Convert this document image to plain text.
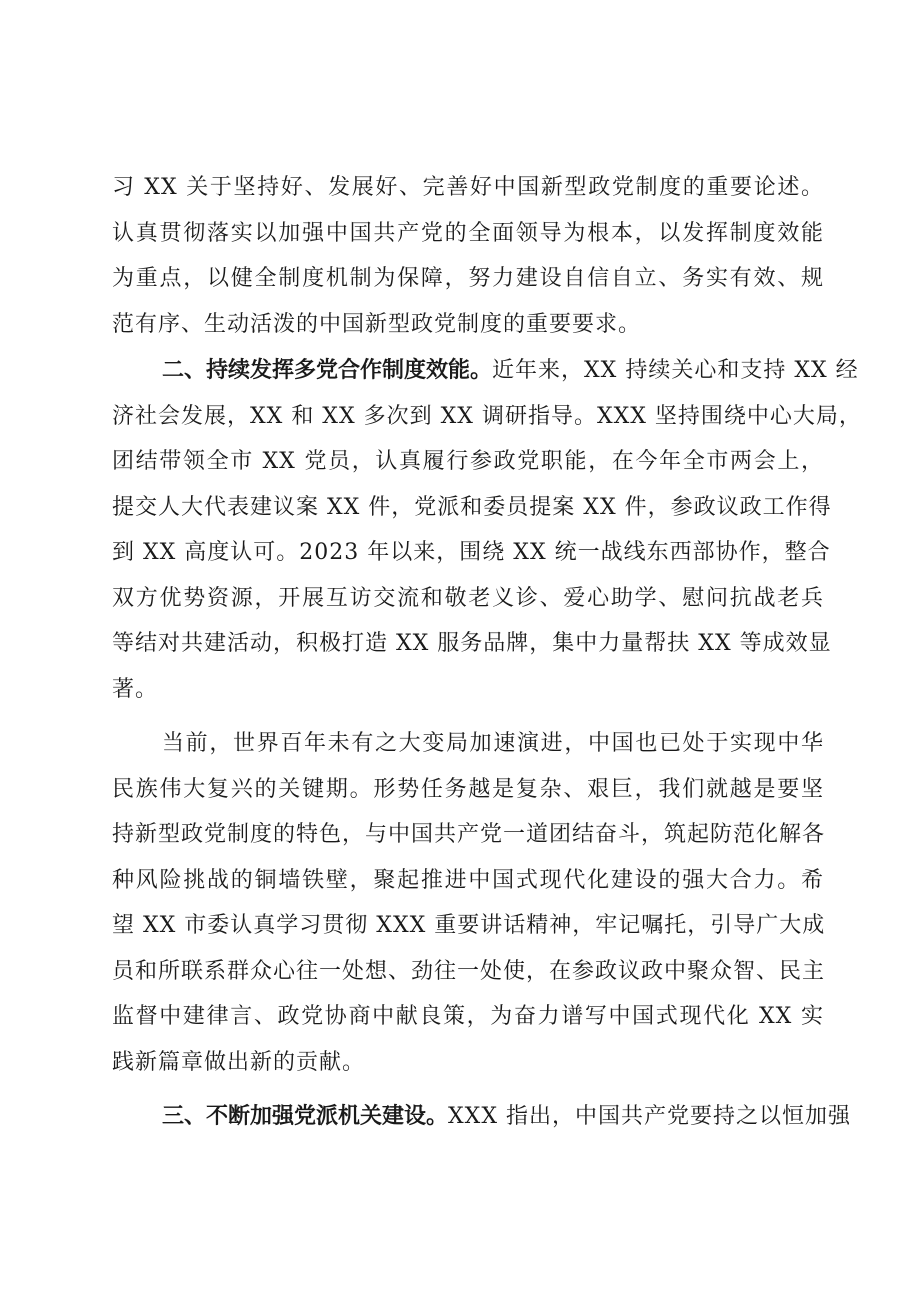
习 XX 关于坚持好、发展好、完善好中国新型政党制度的重要论述。
认真贯彻落实以加强中国共产党的全面领导为根本，以发挥制度效能
为重点，以健全制度机制为保障，努力建设自信自立、务实有效、规
范有序、生动活泼的中国新型政党制度的重要要求。
二、持续发挥多党合作制度效能。近年来，XX 持续关心和支持 XX 经
济社会发展，XX 和 XX 多次到 XX 调研指导。XXX 坚持围绕中心大局，
团结带领全市 XX 党员，认真履行参政党职能，在今年全市两会上，
提交人大代表建议案 XX 件，党派和委员提案 XX 件，参政议政工作得
到 XX 高度认可。2023 年以来，围绕 XX 统一战线东西部协作，整合
双方优势资源，开展互访交流和敬老义诊、爱心助学、慰问抗战老兵
等结对共建活动，积极打造 XX 服务品牌，集中力量帮扶 XX 等成效显
著。
当前，世界百年未有之大变局加速演进，中国也已处于实现中华
民族伟大复兴的关键期。形势任务越是复杂、艰巨，我们就越是要坚
持新型政党制度的特色，与中国共产党一道团结奋斗，筑起防范化解各
种风险挑战的铜墙铁壁，聚起推进中国式现代化建设的强大合力。希
望 XX 市委认真学习贯彻 XXX 重要讲话精神，牢记嘱托，引导广大成
员和所联系群众心往一处想、劲往一处使，在参政议政中聚众智、民主
监督中建律言、政党协商中献良策，为奋力谱写中国式现代化 XX 实
践新篇章做出新的贡献。
三、不断加强党派机关建设。XXX 指出，中国共产党要持之以恒加强
